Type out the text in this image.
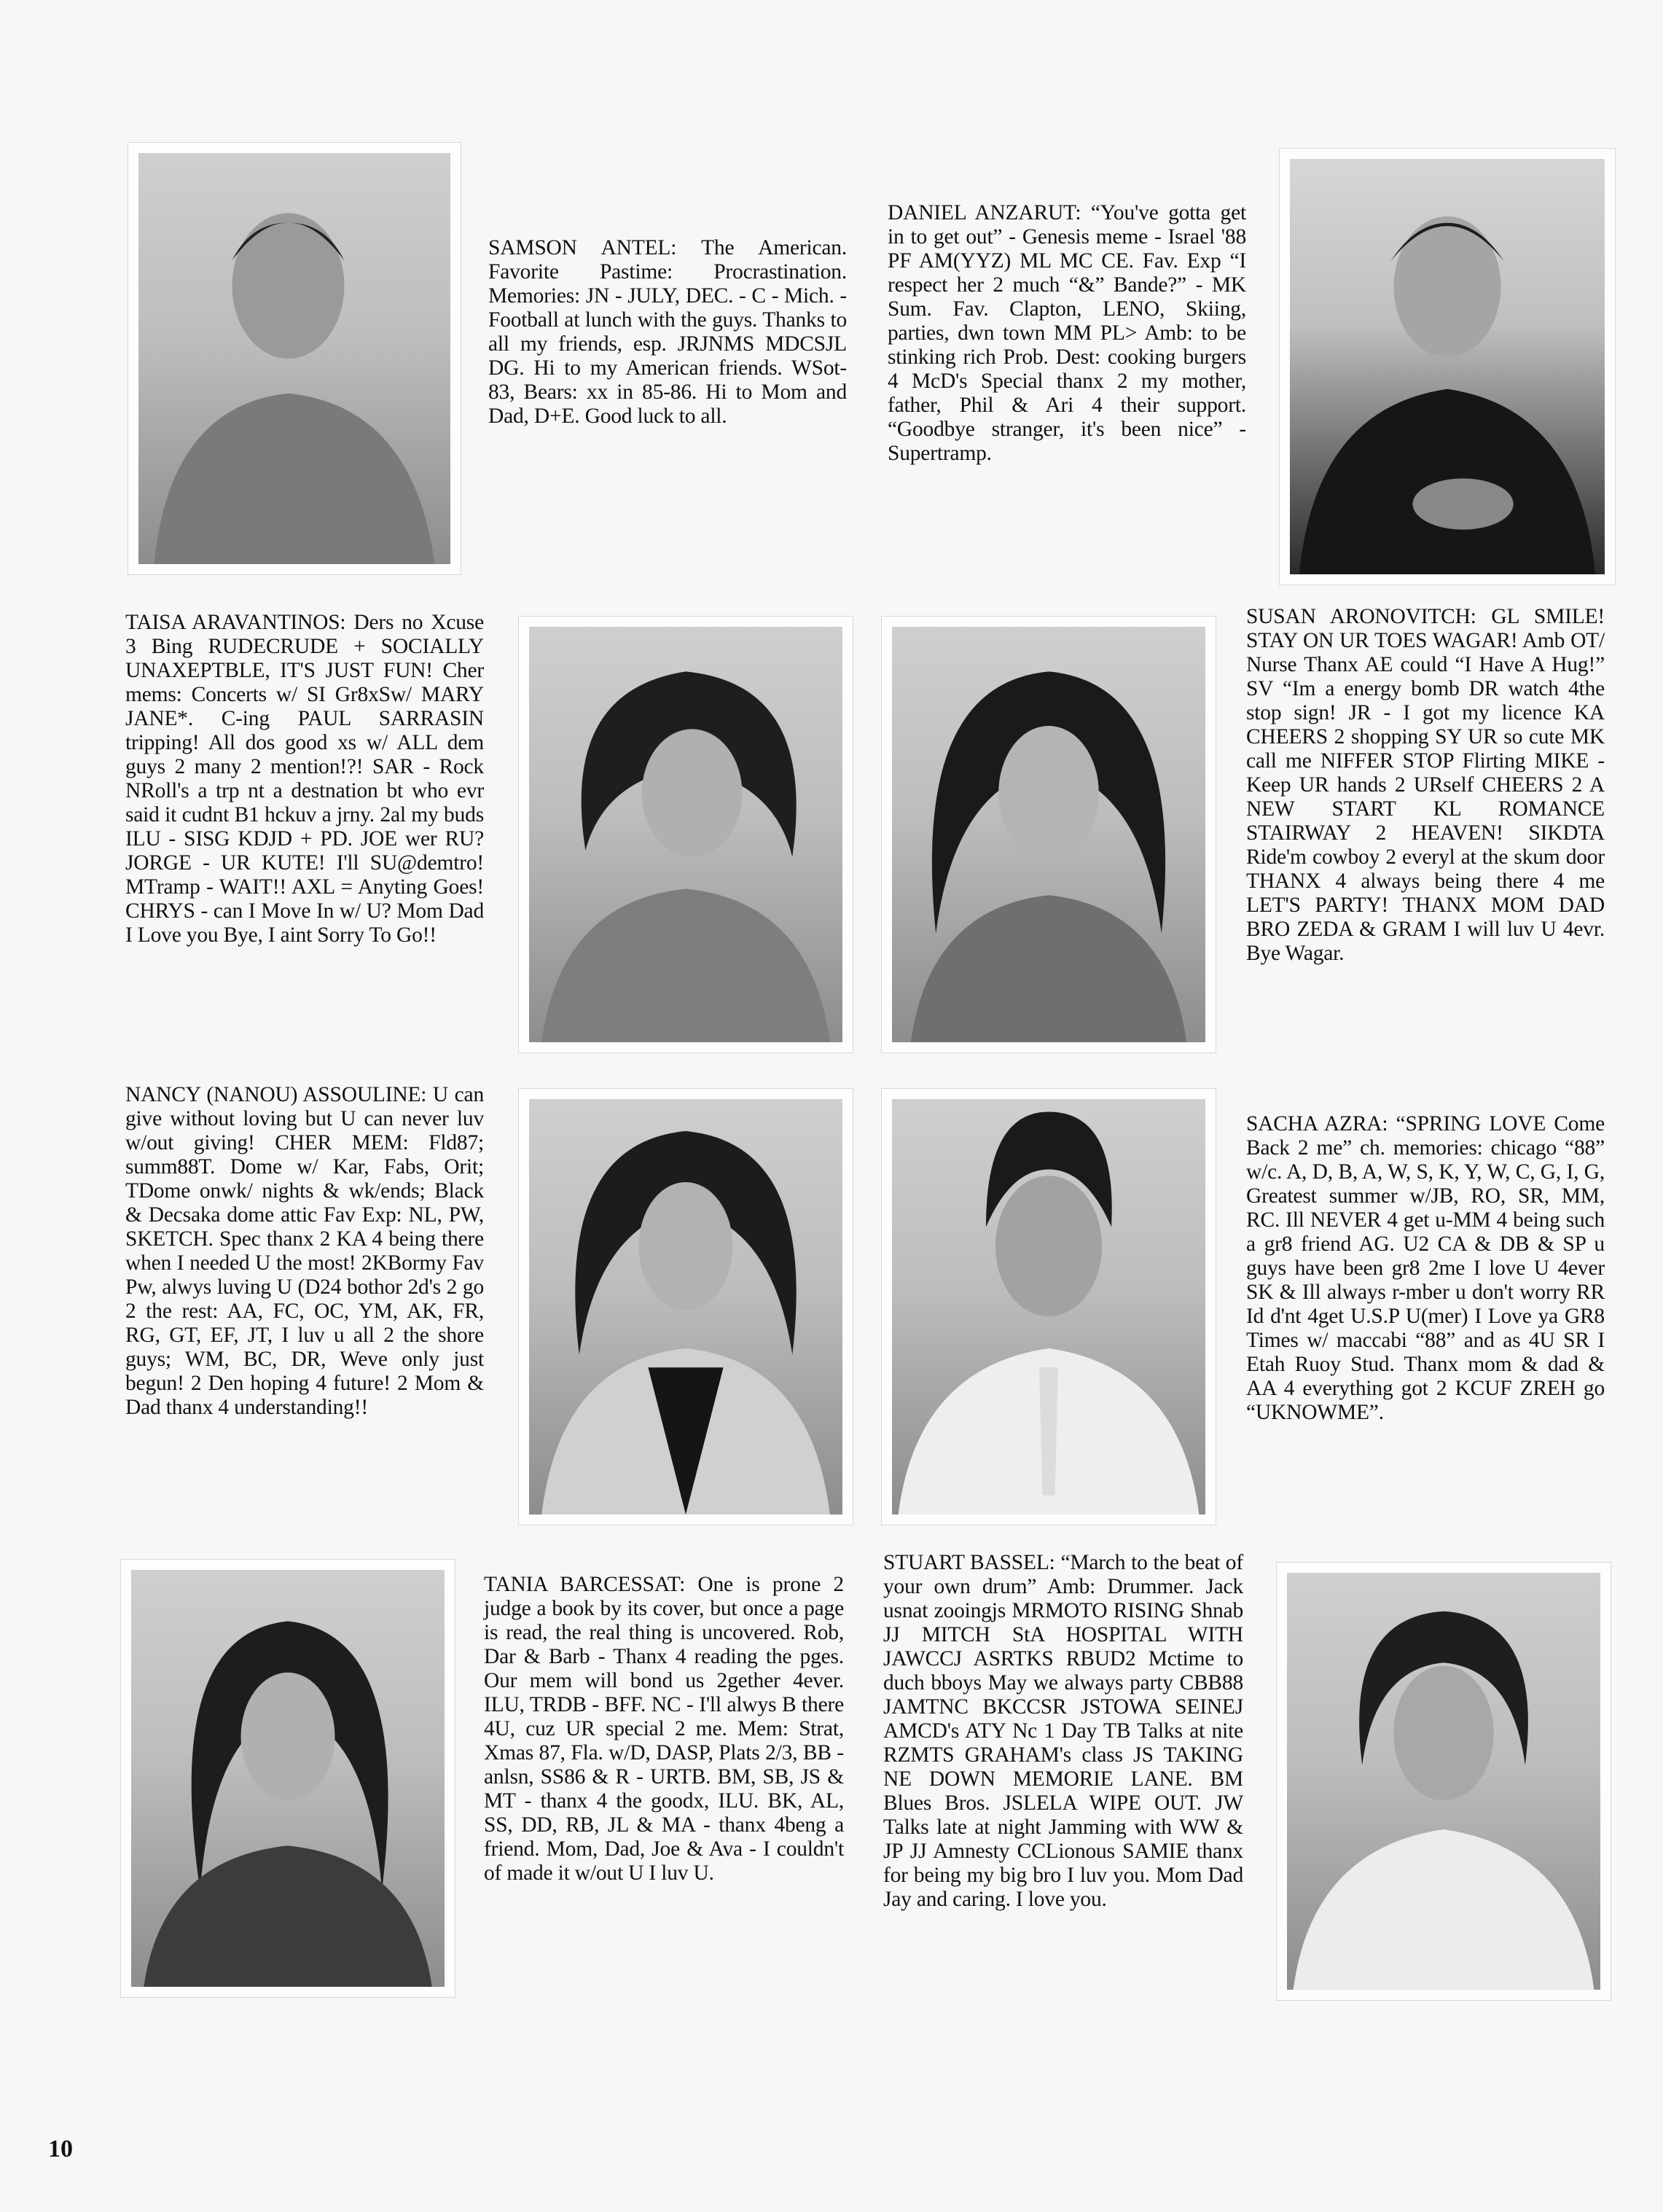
SAMSON ANTEL: The American. Favorite Pastime: Procrastination. Memories: JN - JULY, DEC. - C - Mich. - Football at lunch with the guys. Thanks to all my friends, esp. JRJNMS MDCSJL DG. Hi to my American friends. WSot-83, Bears: xx in 85-86. Hi to Mom and Dad, D+E. Good luck to all.

DANIEL ANZARUT: “You've gotta get in to get out” - Genesis meme - Israel '88 PF AM(YYZ) ML MC CE. Fav. Exp “I respect her 2 much “&” Bande?” - MK Sum. Fav. Clapton, LENO, Skiing, parties, dwn town MM PL> Amb: to be stinking rich Prob. Dest: cooking burgers 4 McD's Special thanx 2 my mother, father, Phil & Ari 4 their support. “Goodbye stranger, it's been nice” - Supertramp.

TAISA ARAVANTINOS: Ders no Xcuse 3 Bing RUDECRUDE + SOCIALLY UNAXEPTBLE, IT'S JUST FUN! Cher mems: Concerts w/ SI Gr8xSw/ MARY JANE*. C-ing PAUL SARRASIN tripping! All dos good xs w/ ALL dem guys 2 many 2 mention!?! SAR - Rock NRoll's a trp nt a destnation bt who evr said it cudnt B1 hckuv a jrny. 2al my buds ILU - SISG KDJD + PD. JOE wer RU? JORGE - UR KUTE! I'll SU@demtro! MTramp - WAIT!! AXL = Anyting Goes! CHRYS - can I Move In w/ U? Mom Dad I Love you Bye, I aint Sorry To Go!!

SUSAN ARONOVITCH: GL SMILE! STAY ON UR TOES WAGAR! Amb OT/ Nurse Thanx AE could “I Have A Hug!” SV “Im a energy bomb DR watch 4the stop sign! JR - I got my licence KA CHEERS 2 shopping SY UR so cute MK call me NIFFER STOP Flirting MIKE - Keep UR hands 2 URself CHEERS 2 A NEW START KL ROMANCE STAIRWAY 2 HEAVEN! SIKDTA Ride'm cowboy 2 everyl at the skum door THANX 4 always being there 4 me LET'S PARTY! THANX MOM DAD BRO ZEDA & GRAM I will luv U 4evr. Bye Wagar.

NANCY (NANOU) ASSOULINE: U can give without loving but U can never luv w/out giving! CHER MEM: Fld87; summ88T. Dome w/ Kar, Fabs, Orit; TDome onwk/ nights & wk/ends; Black & Decsaka dome attic Fav Exp: NL, PW, SKETCH. Spec thanx 2 KA 4 being there when I needed U the most! 2KBormy Fav Pw, alwys luving U (D24 bothor 2d's 2 go 2 the rest: AA, FC, OC, YM, AK, FR, RG, GT, EF, JT, I luv u all 2 the shore guys; WM, BC, DR, Weve only just begun! 2 Den hoping 4 future! 2 Mom & Dad thanx 4 understanding!!

SACHA AZRA: “SPRING LOVE Come Back 2 me” ch. memories: chicago “88” w/c. A, D, B, A, W, S, K, Y, W, C, G, I, G, Greatest summer w/JB, RO, SR, MM, RC. Ill NEVER 4 get u-MM 4 being such a gr8 friend AG. U2 CA & DB & SP u guys have been gr8 2me I love U 4ever SK & Ill always r-mber u don't worry RR Id d'nt 4get U.S.P U(mer) I Love ya GR8 Times w/ maccabi “88” and as 4U SR I Etah Ruoy Stud. Thanx mom & dad & AA 4 everything got 2 KCUF ZREH go “UKNOWME”.

TANIA BARCESSAT: One is prone 2 judge a book by its cover, but once a page is read, the real thing is uncovered. Rob, Dar & Barb - Thanx 4 reading the pges. Our mem will bond us 2gether 4ever. ILU, TRDB - BFF. NC - I'll alwys B there 4U, cuz UR special 2 me. Mem: Strat, Xmas 87, Fla. w/D, DASP, Plats 2/3, BB - anlsn, SS86 & R - URTB. BM, SB, JS & MT - thanx 4 the goodx, ILU. BK, AL, SS, DD, RB, JL & MA - thanx 4beng a friend. Mom, Dad, Joe & Ava - I couldn't of made it w/out U I luv U.

STUART BASSEL: “March to the beat of your own drum” Amb: Drummer. Jack usnat zooingjs MRMOTO RISING Shnab JJ MITCH StA HOSPITAL WITH JAWCCJ ASRTKS RBUD2 Mctime to duch bboys May we always party CBB88 JAMTNC BKCCSR JSTOWA SEINEJ AMCD's ATY Nc 1 Day TB Talks at nite RZMTS GRAHAM's class JS TAKING NE DOWN MEMORIE LANE. BM Blues Bros. JSLELA WIPE OUT. JW Talks late at night Jamming with WW & JP JJ Amnesty CCLionous SAMIE thanx for being my big bro I luv you. Mom Dad Jay and caring. I love you.

10
